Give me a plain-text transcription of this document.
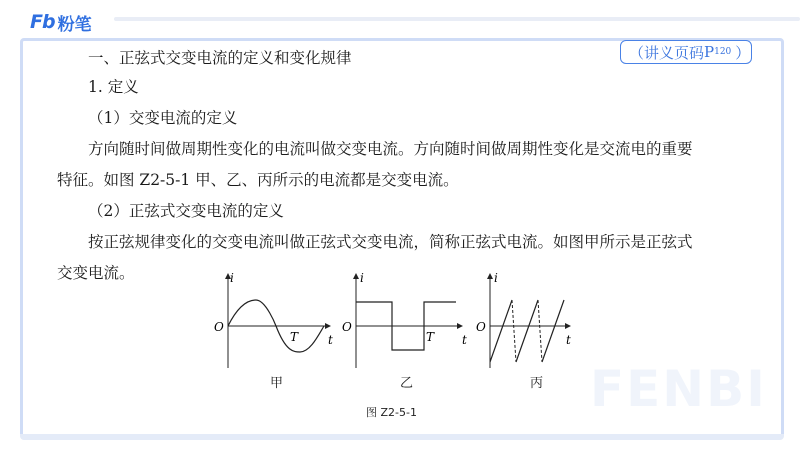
Fb 粉笔
FENBI
（讲义页码 P 120 ）
一、正弦式交变电流的定义和变化规律
1. 定义
（1）交变电流的定义
方向随时间做周期性变化的电流叫做交变电流。方向随时间做周期性变化是交流电的重要
特征。如图 Z2-5-1 甲、乙、丙所示的电流都是交变电流。
（2）正弦式交变电流的定义
按正弦规律变化的交变电流叫做正弦式交变电流，简称正弦式电流。如图甲所示是正弦式
交变电流。	i
O
T t
i
O
T t
i
O
t
甲	乙	丙
图 Z2-5-1
